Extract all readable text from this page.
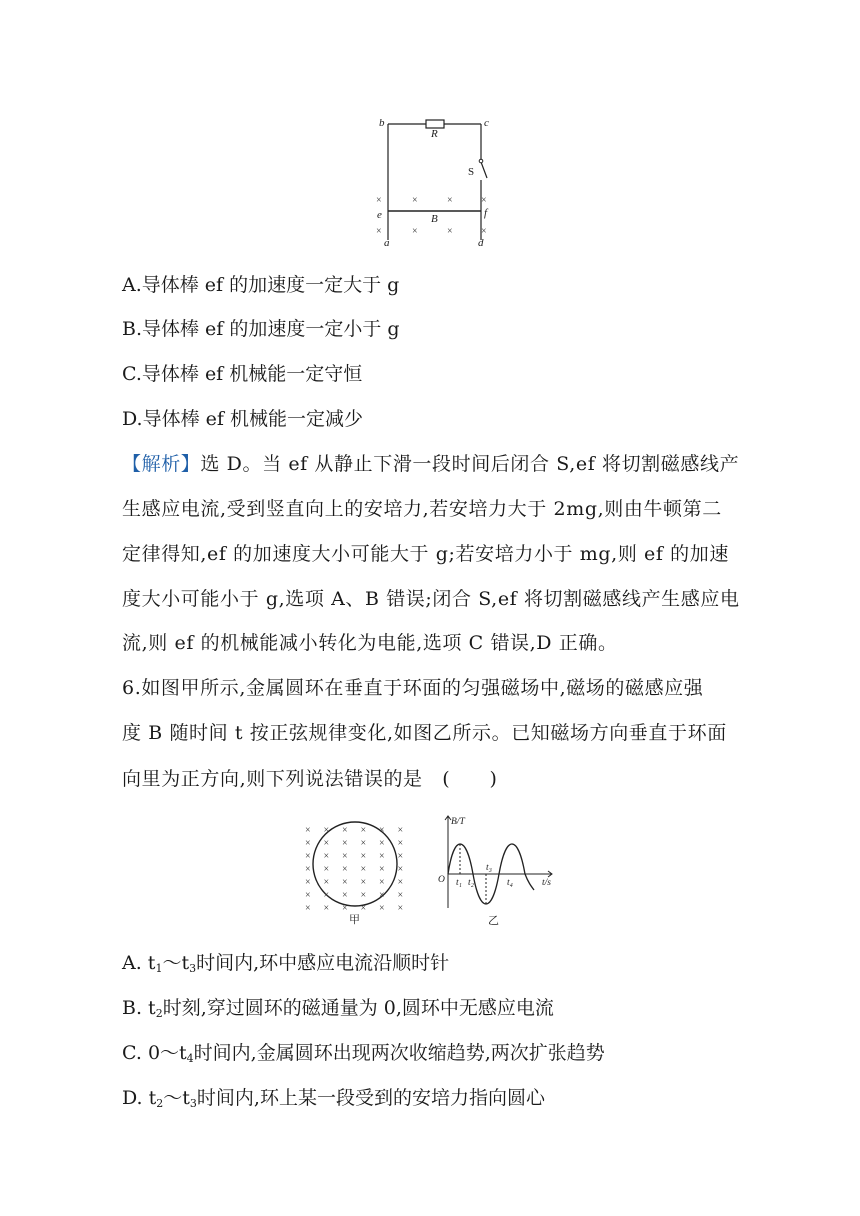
b	c
R
S
e	f
B
a	d
×	×	×	×
×	×	×	×
A.导体棒 ef 的加速度一定大于 g
B.导体棒 ef 的加速度一定小于 g
C.导体棒 ef 机械能一定守恒
D.导体棒 ef 机械能一定减少
【解析】选 D。当 ef 从静止下滑一段时间后闭合 S,ef 将切割磁感线产
生感应电流,受到竖直向上的安培力,若安培力大于 2mg,则由牛顿第二
定律得知,ef 的加速度大小可能大于 g;若安培力小于 mg,则 ef 的加速
度大小可能小于 g,选项 A、B 错误;闭合 S,ef 将切割磁感线产生感应电
流,则 ef 的机械能减小转化为电能,选项 C 错误,D 正确。
6.如图甲所示,金属圆环在垂直于环面的匀强磁场中,磁场的磁感应强
度 B 随时间 t 按正弦规律变化,如图乙所示。已知磁场方向垂直于环面
向里为正方向,则下列说法错误的是　(　　)
× × × × × ×
× × × × × ×
× × × × × ×
× × × × × ×
× × × × × ×
× × × × × ×
× × × × × ×
甲
B/T
t/s
O t₁ t₂
t₃
t₄
乙
A. $t_1\sim t_3$时间内,环中感应电流沿顺时针
B. $t_2$时刻,穿过圆环的磁通量为 0,圆环中无感应电流
C. $0\sim t_4$时间内,金属圆环出现两次收缩趋势,两次扩张趋势
D. $t_2\sim t_3$时间内,环上某一段受到的安培力指向圆心
